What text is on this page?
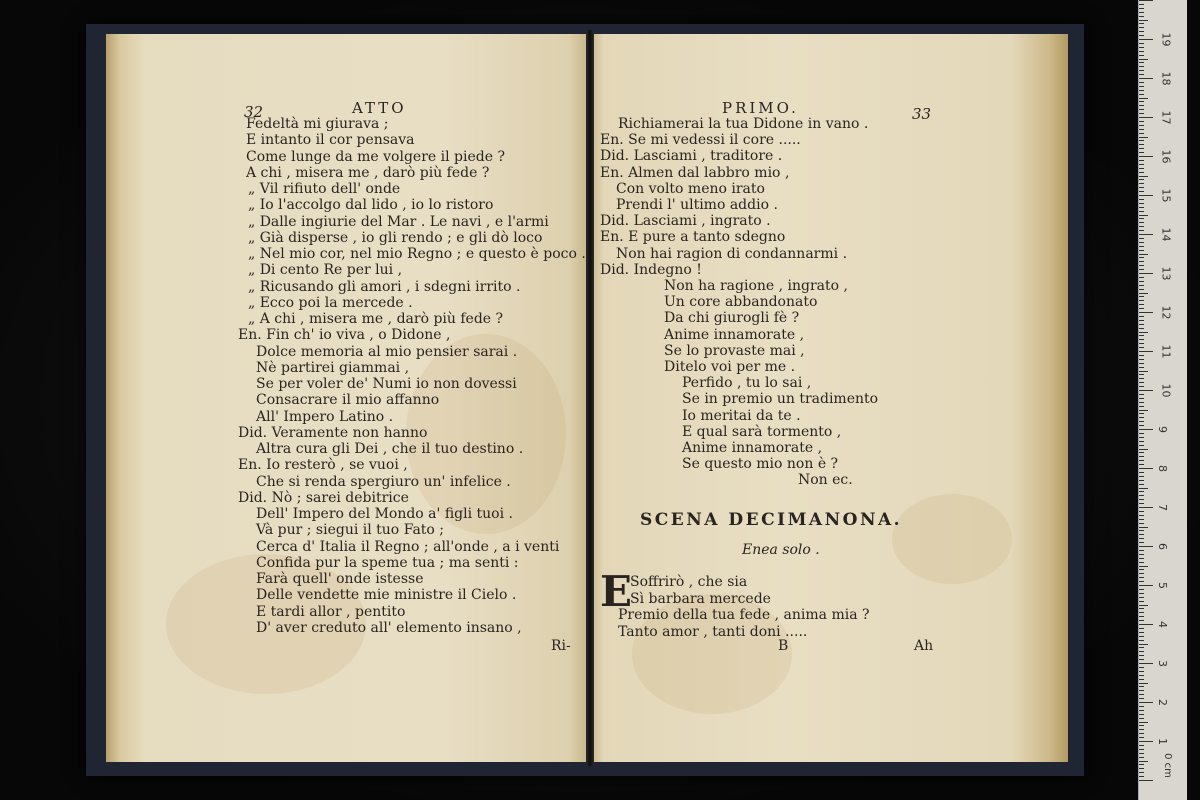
32	ATTO
Fedeltà mi giurava ;
E intanto il cor pensava
Come lunge da me volgere il piede ?
A chi , misera me , darò più fede ?
„ Vil rifiuto dell' onde
„ Io l'accolgo dal lido , io lo ristoro
„ Dalle ingiurie del Mar . Le navi , e l'armi
„ Già disperse , io gli rendo ; e gli dò loco
„ Nel mio cor, nel mio Regno ; e questo è poco .
„ Di cento Re per lui ,
„ Ricusando gli amori , i sdegni irrito .
„ Ecco poi la mercede .
„ A chi , misera me , darò più fede ?
En. Fin ch' io viva , o Didone ,
Dolce memoria al mio pensier sarai .
Nè partirei giammai ,
Se per voler de' Numi io non dovessi
Consacrare il mio affanno
All' Impero Latino .
Did. Veramente non hanno
Altra cura gli Dei , che il tuo destino .
En. Io resterò , se vuoi ,
Che si renda spergiuro un' infelice .
Did. Nò ; sarei debitrice
Dell' Impero del Mondo a' figli tuoi .
Và pur ; siegui il tuo Fato ;
Cerca d' Italia il Regno ; all'onde , a i venti
Confida pur la speme tua ; ma senti :
Farà quell' onde istesse
Delle vendette mie ministre il Cielo .
E tardi allor , pentito
D' aver creduto all' elemento insano ,
Ri-
PRIMO.	33
Richiamerai la tua Didone in vano .
En. Se mi vedessi il core .....
Did. Lasciami , traditore .
En. Almen dal labbro mio ,
Con volto meno irato
Prendi l' ultimo addio .
Did. Lasciami , ingrato .
En. E pure a tanto sdegno
Non hai ragion di condannarmi .
Did. Indegno !
Non ha ragione , ingrato ,
Un core abbandonato
Da chi giurogli fè ?
Anime innamorate ,
Se lo provaste mai ,
Ditelo voi per me .
Perfido , tu lo sai ,
Se in premio un tradimento
Io meritai da te .
E qual sarà tormento ,
Anime innamorate ,
Se questo mio non è ?
Non ec.
SCENA DECIMANONA.
Enea solo .
E
Soffrirò , che sia
Sì barbara mercede
Premio della tua fede , anima mia ?
Tanto amor , tanti doni .....
B	Ah
19
18
17
16
15
14
13
12
11
10
9
8
7
6
5
4
3
2
1
0 cm
